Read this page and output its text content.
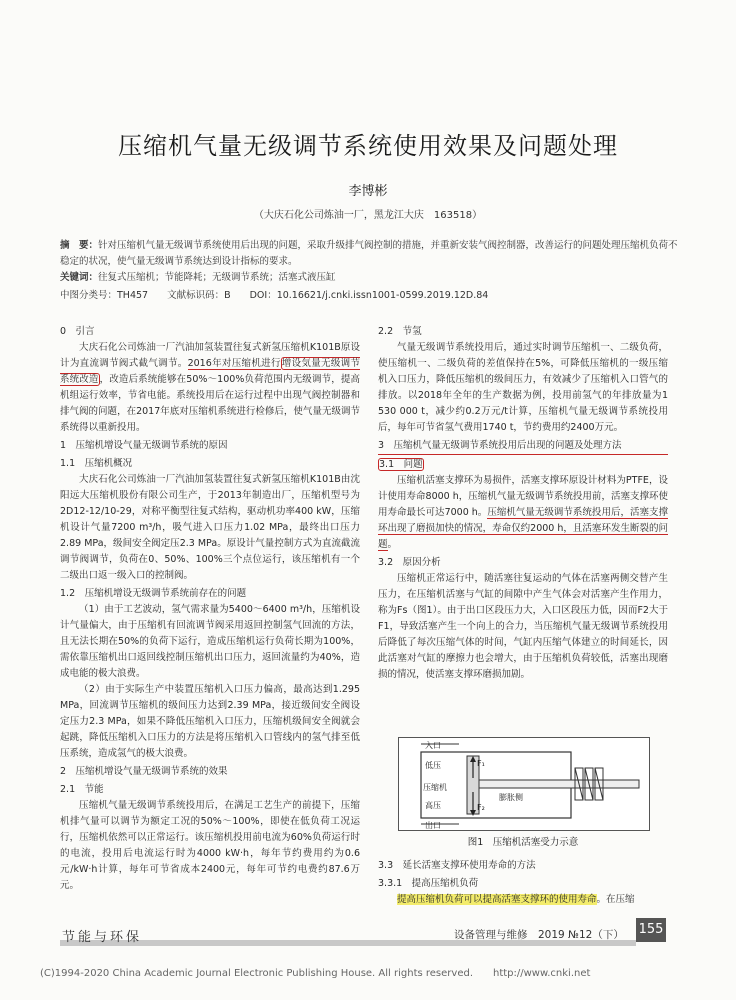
压缩机气量无级调节系统使用效果及问题处理
李博彬
（大庆石化公司炼油一厂，黑龙江大庆　163518）
摘　要：针对压缩机气量无级调节系统使用后出现的问题，采取升级排气阀控制的措施，并重新安装气阀控制器，改善运行的问题处理压缩机负荷不稳定的状况，使气量无级调节系统达到设计指标的要求。
关键词：往复式压缩机；节能降耗；无级调节系统；活塞式液压缸
中图分类号：TH457　　文献标识码：B　　DOI：10.16621/j.cnki.issn1001-0599.2019.12D.84

0　引言

大庆石化公司炼油一厂汽油加氢装置往复式新氢压缩机K101B原设计为直流调节阀式截气调节。2016年对压缩机进行增设気量无级调节系统改造，改造后系统能够在50%～100%负荷范围内无级调节，提高机组运行效率，节省电能。系统投用后在运行过程中出现气阀控制器和排气阀的问题，在2017年底对压缩机系统进行检修后，使气量无级调节系统得以重新投用。

1　压缩机增设气量无级调节系统的原因

1.1　压缩机概况

大庆石化公司炼油一厂汽油加氢装置往复式新氢压缩机K101B由沈阳远大压缩机股份有限公司生产，于2013年制造出厂，压缩机型号为2D12-12/10-29，对称平衡型往复式结构，驱动机功率400 kW，压缩机设计气量7200 m³/h，吸气进入口压力1.02 MPa，最终出口压力2.89 MPa，级间安全阀定压2.3 MPa。原设计气量控制方式为直流截流调节阀调节，负荷在0、50%、100%三个点位运行，该压缩机有一个二级出口返一级入口的控制阀。

1.2　压缩机增设无级调节系统前存在的问题

（1）由于工艺波动，氢气需求量为5400～6400 m³/h，压缩机设计气量偏大，由于压缩机有回流调节阀采用返回控制氢气回流的方法，且无法长期在50%的负荷下运行，造成压缩机运行负荷长期为100%，需依靠压缩机出口返回线控制压缩机出口压力，返回流量约为40%，造成电能的极大浪费。

（2）由于实际生产中装置压缩机入口压力偏高，最高达到1.295 MPa，回流调节压缩机的级间压力达到2.39 MPa，接近级间安全阀设定压力2.3 MPa，如果不降低压缩机入口压力，压缩机级间安全阀就会起跳，降低压缩机入口压力的方法是将压缩机入口管线内的氢气排至低压系统，造成氢气的极大浪费。

2　压缩机增设气量无级调节系统的效果

2.1　节能

压缩机气量无级调节系统投用后，在满足工艺生产的前提下，压缩机排气量可以调节为额定工况的50%～100%，即使在低负荷工况运行，压缩机依然可以正常运行。该压缩机投用前电流为60%负荷运行时的电流，投用后电流运行时为4000 kW·h，每年节约费用约为0.6元/kW·h计算，每年可节省成本2400元，每年可节约电费约87.6万元。

2.2　节氢

气量无级调节系统投用后，通过实时调节压缩机一、二级负荷，使压缩机一、二级负荷的差值保持在5%，可降低压缩机的一级压缩机入口压力，降低压缩机的级间压力，有效减少了压缩机入口管气的排放。以2018年全年的生产数据为例，投用前氢气的年排放量为1 530 000 t，减少约0.2万元/t计算，压缩机气量无级调节系统投用后，每年可节省氢气费用1740 t，节约费用约2400万元。

3　压缩机气量无级调节系统投用后出现的问题及处理方法

3.1　问题

压缩机活塞支撑环为易损件，活塞支撑环原设计材料为PTFE，设计使用寿命8000 h，压缩机气量无级调节系统投用前，活塞支撑环使用寿命最长可达7000 h。压缩机气量无级调节系统投用后，活塞支撑环出现了磨损加快的情况，寿命仅约2000 h，且活塞环发生断裂的问题。

3.2　原因分析

压缩机正常运行中，随活塞往复运动的气体在活塞两侧交替产生压力，在压缩机活塞与气缸的间隙中产生气体会对活塞产生作用力，称为Fs（图1）。由于出口区段压力大，入口区段压力低，因而F2大于F1，导致活塞产生一个向上的合力，当压缩机气量无级调节系统投用后降低了每次压缩气体的时间，气缸内压缩气体建立的时间延长，因此活塞对气缸的摩擦力也会增大，由于压缩机负荷较低，活塞出现磨损的情况，使活塞支撑环磨损加剧。

入口
低压
压缩机
高压
出口
膨胀侧
F₁
F₂
图1　压缩机活塞受力示意

3.3　延长活塞支撑环使用寿命的方法

3.3.1　提高压缩机负荷

提高压缩机负荷可以提高活塞支撑环的使用寿命。在压缩

节能与环保	设备管理与维修　2019 №12（下） 155
(C)1994-2020 China Academic Journal Electronic Publishing House. All rights reserved.　　http://www.cnki.net
